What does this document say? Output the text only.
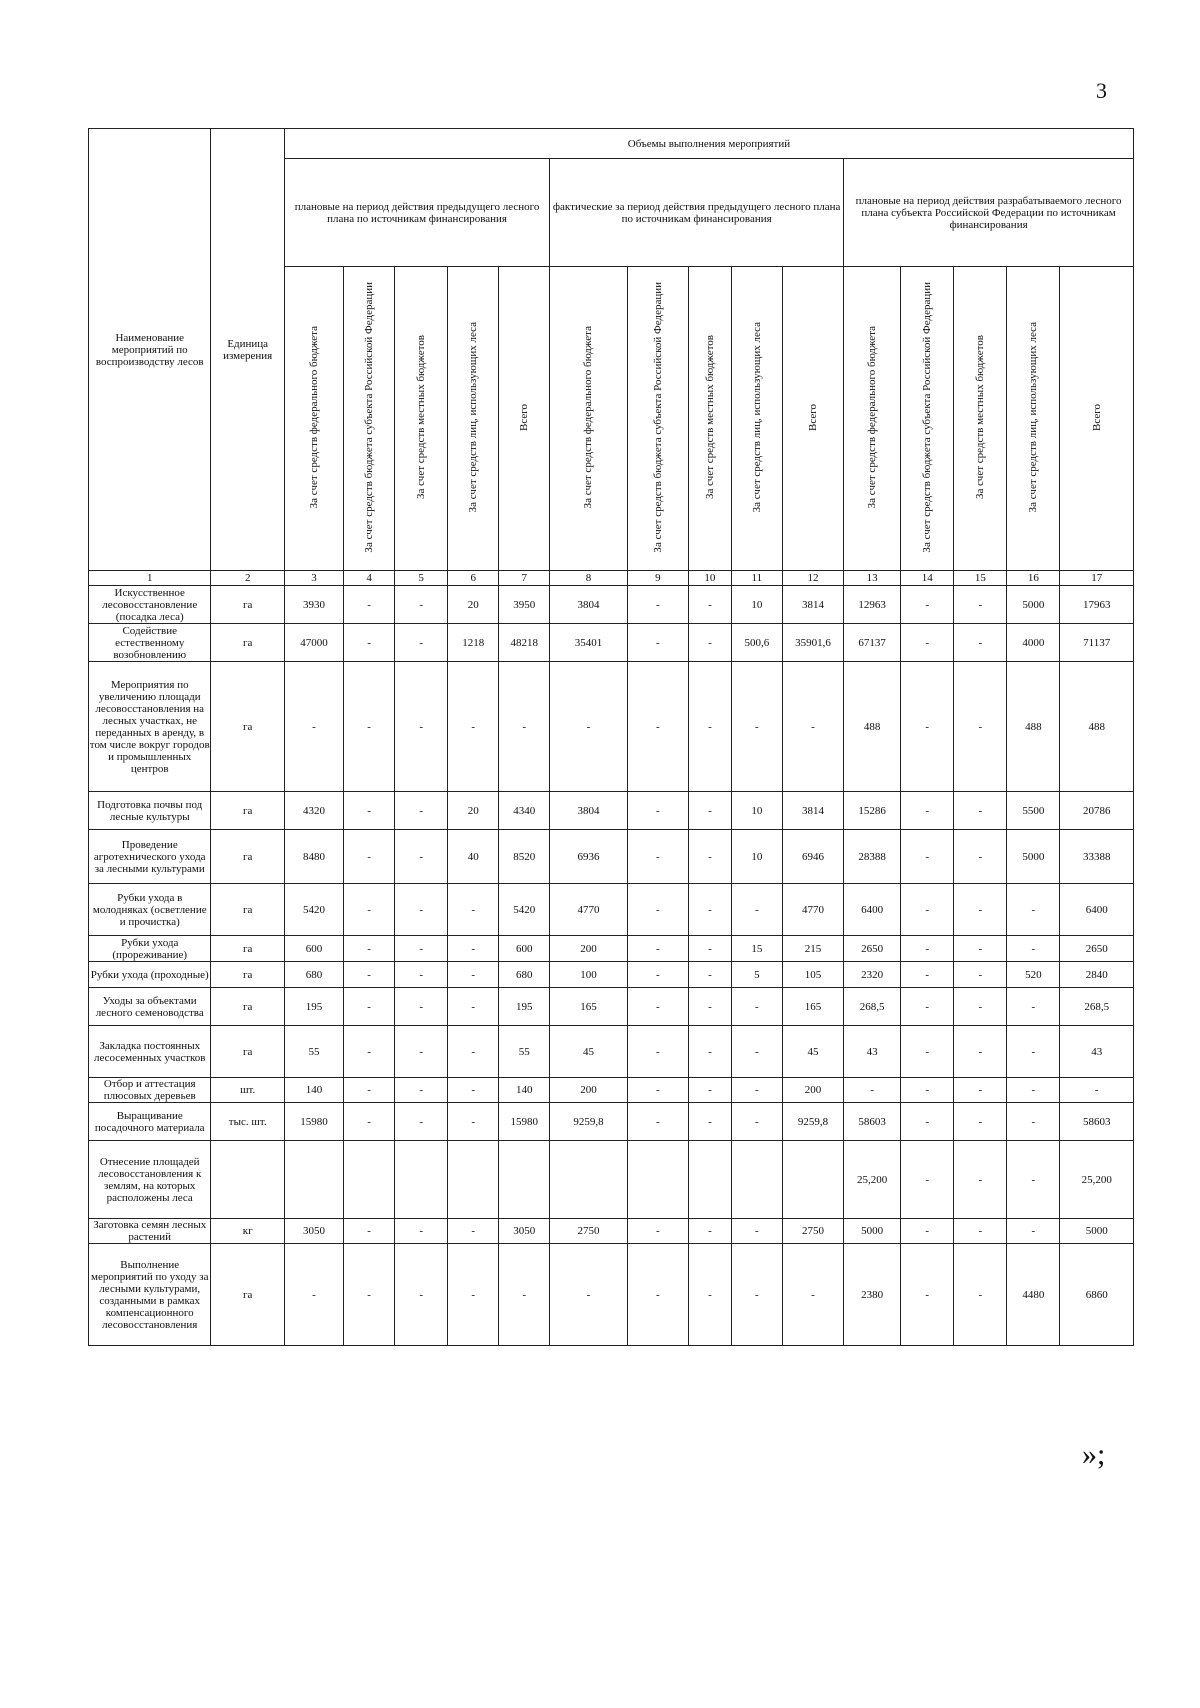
3
Наименование мероприятий по воспроизводству лесов	Единица измерения	Объемы выполнения мероприятий														
		плановые на период действия предыдущего лесного плана по источникам финансирования					фактические за период действия предыдущего лесного плана по источникам финансирования					плановые на период действия разрабатываемого лесного плана субъекта Российской Федерации по источникам финансирования				
		За счет средств федерального бюджета	За счет средств бюджета субъекта Российской Федерации	За счет средств местных бюджетов	За счет средств лиц, использующих леса	Всего	За счет средств федерального бюджета	За счет средств бюджета субъекта Российской Федерации	За счет средств местных бюджетов	За счет средств лиц, использующих леса	Всего	За счет средств федерального бюджета	За счет средств бюджета субъекта Российской Федерации	За счет средств местных бюджетов	За счет средств лиц, использующих леса	Всего
1	2	3	4	5	6	7	8	9	10	11	12	13	14	15	16	17
Искусственное лесовосстановление (посадка леса)	га	3930	-	-	20	3950	3804	-	-	10	3814	12963	-	-	5000	17963
Содействие естественному возобновлению	га	47000	-	-	1218	48218	35401	-	-	500,6	35901,6	67137	-	-	4000	71137
Мероприятия по увеличению площади лесовосстановления на лесных участках, не переданных в аренду, в том числе вокруг городов и промышленных центров	га	-	-	-	-	-	-	-	-	-	-	488	-	-	488	488
Подготовка почвы под лесные культуры	га	4320	-	-	20	4340	3804	-	-	10	3814	15286	-	-	5500	20786
Проведение агротехнического ухода за лесными культурами	га	8480	-	-	40	8520	6936	-	-	10	6946	28388	-	-	5000	33388
Рубки ухода в молодняках (осветление и прочистка)	га	5420	-	-	-	5420	4770	-	-	-	4770	6400	-	-	-	6400
Рубки ухода (прореживание)	га	600	-	-	-	600	200	-	-	15	215	2650	-	-	-	2650
Рубки ухода (проходные)	га	680	-	-	-	680	100	-	-	5	105	2320	-	-	520	2840
Уходы за объектами лесного семеноводства	га	195	-	-	-	195	165	-	-	-	165	268,5	-	-	-	268,5
Закладка постоянных лесосеменных участков	га	55	-	-	-	55	45	-	-	-	45	43	-	-	-	43
Отбор и аттестация плюсовых деревьев	шт.	140	-	-	-	140	200	-	-	-	200	-	-	-	-	-
Выращивание посадочного материала	тыс. шт.	15980	-	-	-	15980	9259,8	-	-	-	9259,8	58603	-	-	-	58603
Отнесение площадей лесовосстановления к землям, на которых расположены леса												25,200	-	-	-	25,200
Заготовка семян лесных растений	кг	3050	-	-	-	3050	2750	-	-	-	2750	5000	-	-	-	5000
Выполнение мероприятий по уходу за лесными культурами, созданными в рамках компенсационного лесовосстановления	га	-	-	-	-	-	-	-	-	-	-	2380	-	-	4480	6860
»;
